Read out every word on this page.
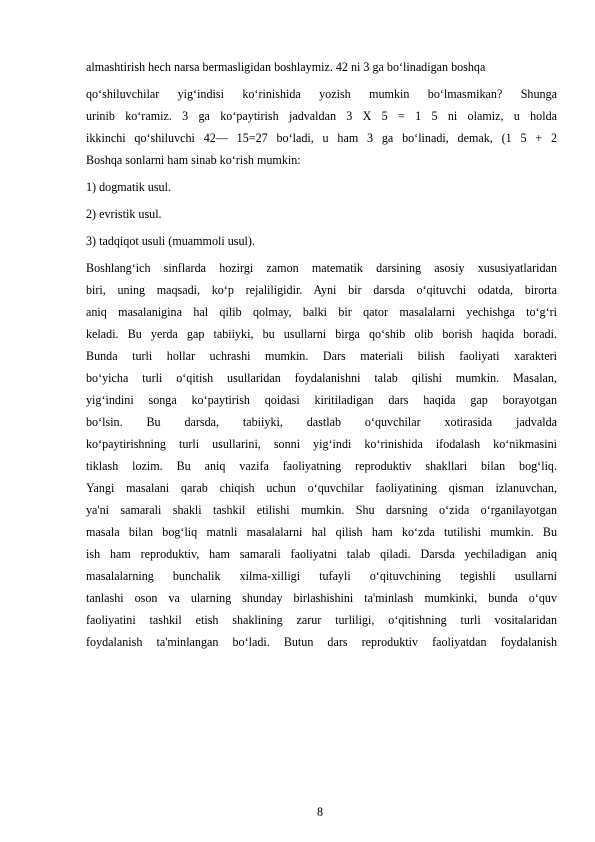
almashtirish hech narsa bermasligidan boshlaymiz. 42 ni 3 ga bo‘linadigan boshqa
qo‘shiluvchilar yig‘indisi ko‘rinishida yozish mumkin bo‘lmasmikan? Shunga
urinib ko‘ramiz. 3 ga ko‘paytirish jadvaldan 3 X 5 = 1 5 ni olamiz, u holda
ikkinchi qo‘shiluvchi 42— 15=27 bo‘ladi, u ham 3 ga bo‘linadi, demak, (1 5 + 2
Boshqa sonlarni ham sinab ko‘rish mumkin:
1) dogmatik usul.
2) evristik usul.
3) tadqiqot usuli (muammoli usul).
Boshlang‘ich sinflarda hozirgi zamon matematik darsining asosiy xususiyatlaridan
biri, uning maqsadi, ko‘p rejaliligidir. Ayni bir darsda o‘qituvchi odatda, birorta
aniq masalanigina hal qilib qolmay, balki bir qator masalalarni yechishga to‘g‘ri
keladi. Bu yerda gap tabiiyki, bu usullarni birga qo‘shib olib borish haqida boradi.
Bunda turli hollar uchrashi mumkin. Dars materiali bilish faoliyati xarakteri
bo‘yicha turli o‘qitish usullaridan foydalanishni talab qilishi mumkin. Masalan,
yig‘indini songa ko‘paytirish qoidasi kiritiladigan dars haqida gap borayotgan
bo‘lsin. Bu darsda, tabiiyki, dastlab o‘quvchilar xotirasida jadvalda
ko‘paytirishning turli usullarini, sonni yig‘indi ko‘rinishida ifodalash ko‘nikmasini
tiklash lozim. Bu aniq vazifa faoliyatning reproduktiv shakllari bilan bog‘liq.
Yangi masalani qarab chiqish uchun o‘quvchilar faoliyatining qisman izlanuvchan,
ya'ni samarali shakli tashkil etilishi mumkin. Shu darsning o‘zida o‘rganilayotgan
masala bilan bog‘liq matnli masalalarni hal qilish ham ko‘zda tutilishi mumkin. Bu
ish ham reproduktiv, ham samarali faoliyatni talab qiladi. Darsda yechiladigan aniq
masalalarning bunchalik xilma-xilligi tufayli o‘qituvchining tegishli usullarni
tanlashi oson va ularning shunday birlashishini ta'minlash mumkinki, bunda o‘quv
faoliyatini tashkil etish shaklining zarur turliligi, o‘qitishning turli vositalaridan
foydalanish ta'minlangan bo‘ladi. Butun dars reproduktiv faoliyatdan foydalanish
8
